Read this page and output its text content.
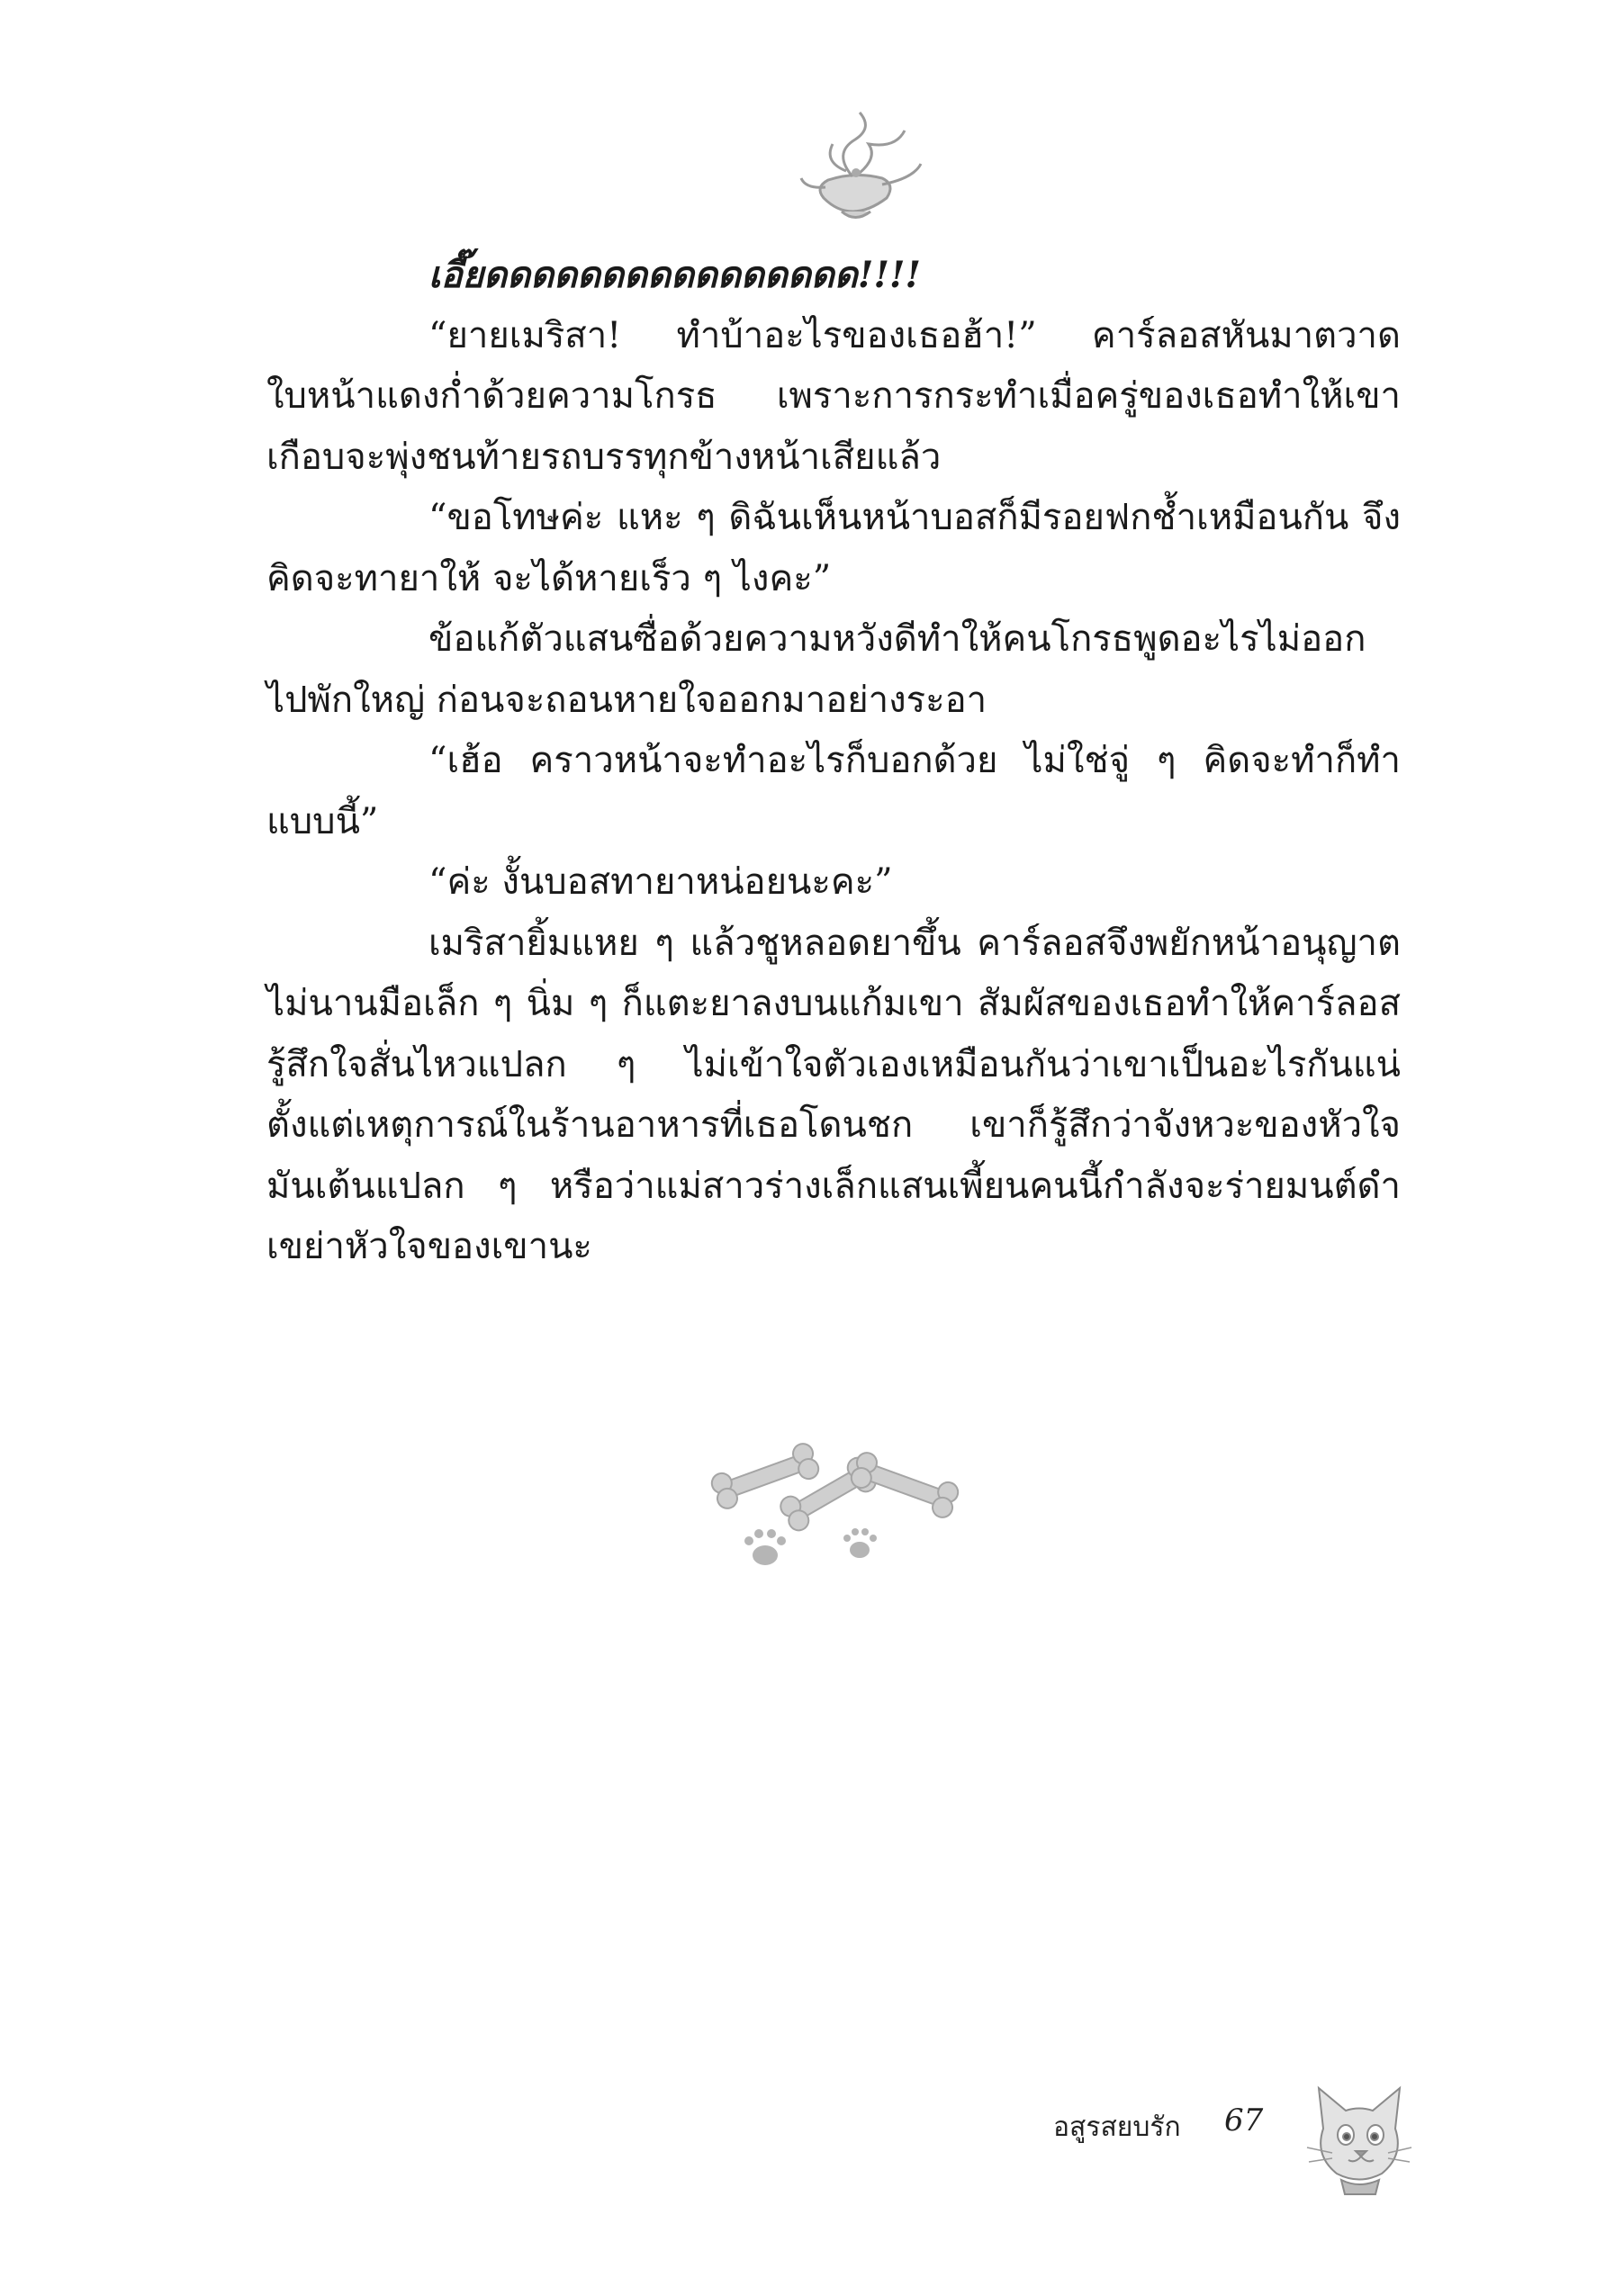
เอี๊ยดดดดดดดดดดดดดดดด!!!!

“ยายเมริสา! ทำบ้าอะไรของเธอฮ้า!” คาร์ลอสหันมาตวาด ใบหน้าแดงก่ำด้วยความโกรธ เพราะการกระทำเมื่อครู่ของเธอทำให้เขาเกือบจะพุ่งชนท้ายรถบรรทุกข้างหน้าเสียแล้ว

“ขอโทษค่ะ แหะ ๆ ดิฉันเห็นหน้าบอสก็มีรอยฟกช้ำเหมือนกัน จึงคิดจะทายาให้ จะได้หายเร็ว ๆ ไงคะ”

ข้อแก้ตัวแสนซื่อด้วยความหวังดีทำให้คนโกรธพูดอะไรไม่ออกไปพักใหญ่ ก่อนจะถอนหายใจออกมาอย่างระอา

“เฮ้อ คราวหน้าจะทำอะไรก็บอกด้วย ไม่ใช่จู่ ๆ คิดจะทำก็ทำแบบนี้”

“ค่ะ งั้นบอสทายาหน่อยนะคะ”

เมริสายิ้มแหย ๆ แล้วชูหลอดยาขึ้น คาร์ลอสจึงพยักหน้าอนุญาต ไม่นานมือเล็ก ๆ นิ่ม ๆ ก็แตะยาลงบนแก้มเขา สัมผัสของเธอทำให้คาร์ลอสรู้สึกใจสั่นไหวแปลก ๆ ไม่เข้าใจตัวเองเหมือนกันว่าเขาเป็นอะไรกันแน่ ตั้งแต่เหตุการณ์ในร้านอาหารที่เธอโดนชก เขาก็รู้สึกว่าจังหวะของหัวใจมันเต้นแปลก ๆ หรือว่าแม่สาวร่างเล็กแสนเพี้ยนคนนี้กำลังจะร่ายมนต์ดำเขย่าหัวใจของเขานะ

อสูรสยบรัก 67
